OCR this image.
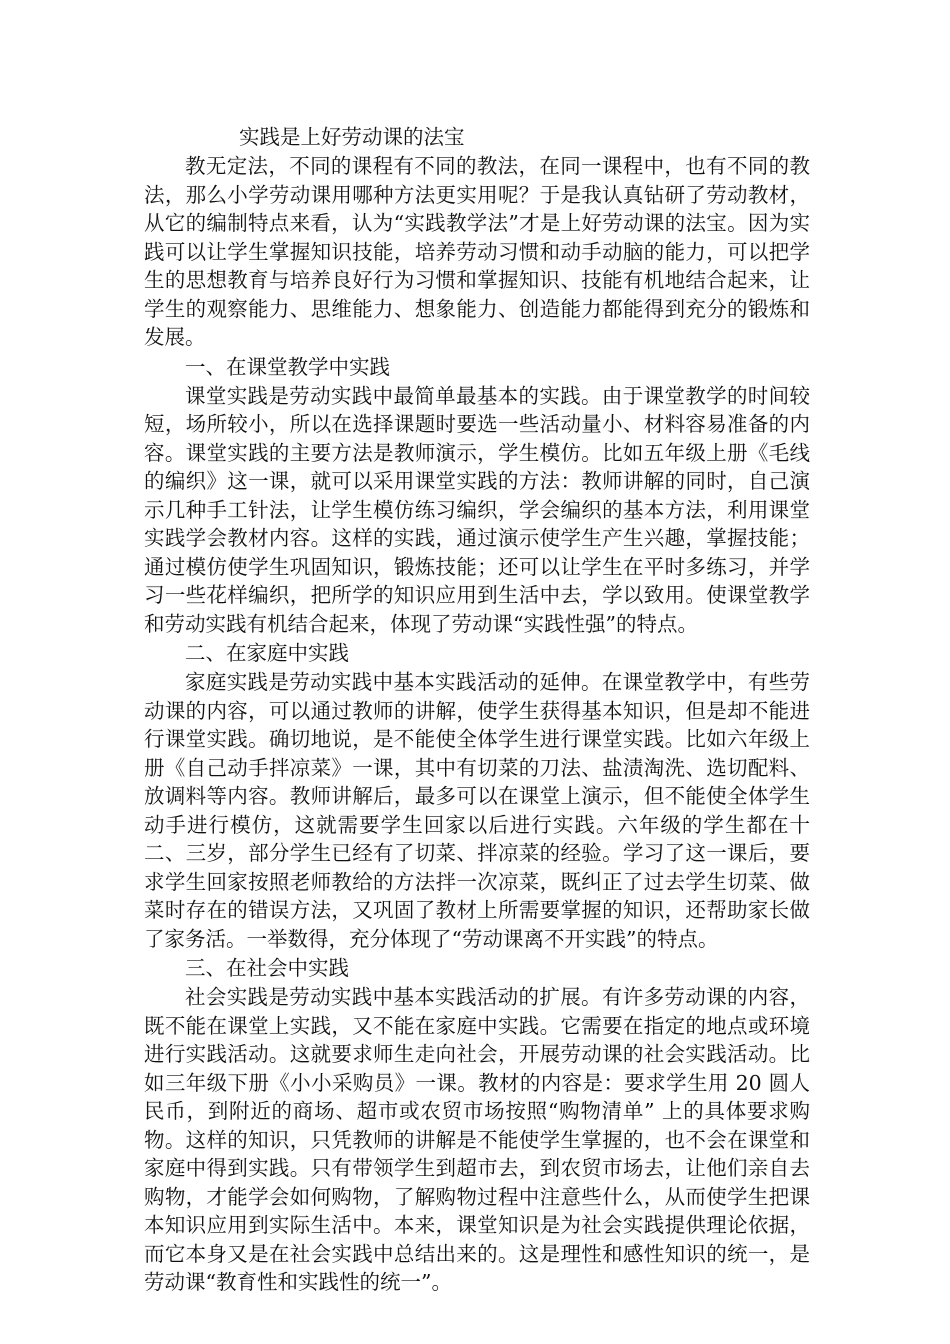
实践是上好劳动课的法宝

教无定法，不同的课程有不同的教法，在同一课程中，也有不同的教法，那么小学劳动课用哪种方法更实用呢？于是我认真钻研了劳动教材，从它的编制特点来看，认为“实践教学法”才是上好劳动课的法宝。因为实践可以让学生掌握知识技能，培养劳动习惯和动手动脑的能力，可以把学生的思想教育与培养良好行为习惯和掌握知识、技能有机地结合起来，让学生的观察能力、思维能力、想象能力、创造能力都能得到充分的锻炼和发展。

一、在课堂教学中实践

课堂实践是劳动实践中最简单最基本的实践。由于课堂教学的时间较短，场所较小，所以在选择课题时要选一些活动量小、材料容易准备的内容。课堂实践的主要方法是教师演示，学生模仿。比如五年级上册《毛线的编织》这一课，就可以采用课堂实践的方法：教师讲解的同时，自己演示几种手工针法，让学生模仿练习编织，学会编织的基本方法，利用课堂实践学会教材内容。这样的实践，通过演示使学生产生兴趣，掌握技能；通过模仿使学生巩固知识，锻炼技能；还可以让学生在平时多练习，并学习一些花样编织，把所学的知识应用到生活中去，学以致用。使课堂教学和劳动实践有机结合起来，体现了劳动课“实践性强”的特点。

二、在家庭中实践

家庭实践是劳动实践中基本实践活动的延伸。在课堂教学中，有些劳动课的内容，可以通过教师的讲解，使学生获得基本知识，但是却不能进行课堂实践。确切地说，是不能使全体学生进行课堂实践。比如六年级上册《自己动手拌凉菜》一课，其中有切菜的刀法、盐渍淘洗、选切配料、放调料等内容。教师讲解后，最多可以在课堂上演示，但不能使全体学生动手进行模仿，这就需要学生回家以后进行实践。六年级的学生都在十二、三岁，部分学生已经有了切菜、拌凉菜的经验。学习了这一课后，要求学生回家按照老师教给的方法拌一次凉菜，既纠正了过去学生切菜、做菜时存在的错误方法，又巩固了教材上所需要掌握的知识，还帮助家长做了家务活。一举数得，充分体现了“劳动课离不开实践”的特点。

三、在社会中实践

社会实践是劳动实践中基本实践活动的扩展。有许多劳动课的内容，既不能在课堂上实践，又不能在家庭中实践。它需要在指定的地点或环境进行实践活动。这就要求师生走向社会，开展劳动课的社会实践活动。比如三年级下册《小小采购员》一课。教材的内容是：要求学生用 20 圆人民币，到附近的商场、超市或农贸市场按照“购物清单” 上的具体要求购物。这样的知识，只凭教师的讲解是不能使学生掌握的，也不会在课堂和家庭中得到实践。只有带领学生到超市去，到农贸市场去，让他们亲自去购物，才能学会如何购物，了解购物过程中注意些什么，从而使学生把课本知识应用到实际生活中。本来，课堂知识是为社会实践提供理论依据，而它本身又是在社会实践中总结出来的。这是理性和感性知识的统一，是劳动课“教育性和实践性的统一”。
